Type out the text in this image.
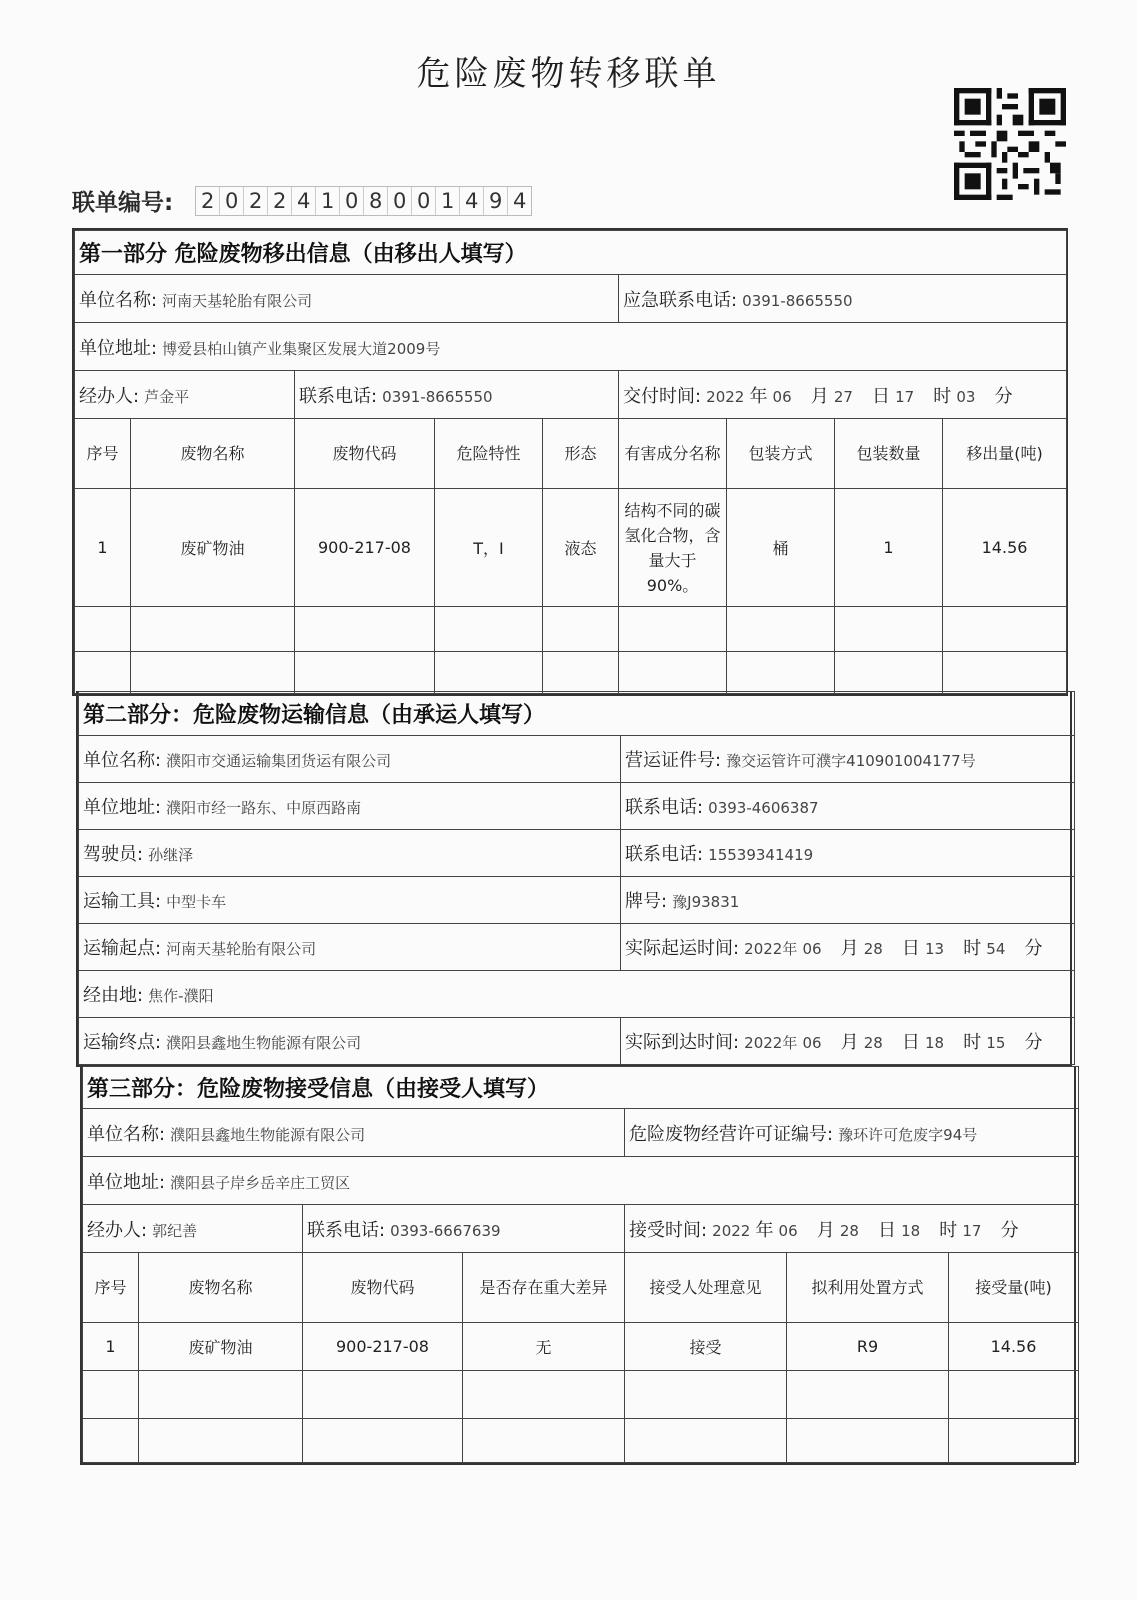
危险废物转移联单
联单编号: 2 0 2 2 4 1 0 8 0 0 1 4 9 4
第一部分 危险废物移出信息（由移出人填写）								
单位名称: 河南天基轮胎有限公司					应急联系电话: 0391-8665550			
单位地址: 博爱县柏山镇产业集聚区发展大道2009号								
经办人: 芦金平		联系电话: 0391-8665550			交付时间: 2022 年 06 月 27 日 17 时 03 分			
序号	废物名称	废物代码	危险特性	形态	有害成分名称	包装方式	包装数量	移出量(吨)
1	废矿物油	900-217-08	T，I	液态	结构不同的碳氢化合物，含量大于90%。	桶	1	14.56

第二部分：危险废物运输信息（由承运人填写）	
单位名称: 濮阳市交通运输集团货运有限公司	营运证件号: 豫交运管许可濮字410901004177号
单位地址: 濮阳市经一路东、中原西路南	联系电话: 0393-4606387
驾驶员: 孙继泽	联系电话: 15539341419
运输工具: 中型卡车	牌号: 豫J93831
运输起点: 河南天基轮胎有限公司	实际起运时间: 2022年 06 月 28 日 13 时 54 分
经由地: 焦作-濮阳	
运输终点: 濮阳县鑫地生物能源有限公司	实际到达时间: 2022年 06 月 28 日 18 时 15 分
第三部分：危险废物接受信息（由接受人填写）						
单位名称: 濮阳县鑫地生物能源有限公司				危险废物经营许可证编号: 豫环许可危废字94号		
单位地址: 濮阳县子岸乡岳辛庄工贸区						
经办人: 郭纪善		联系电话: 0393-6667639		接受时间: 2022 年 06 月 28 日 18 时 17 分		
序号	废物名称	废物代码	是否存在重大差异	接受人处理意见	拟利用处置方式	接受量(吨)
1	废矿物油	900-217-08	无	接受	R9	14.56
